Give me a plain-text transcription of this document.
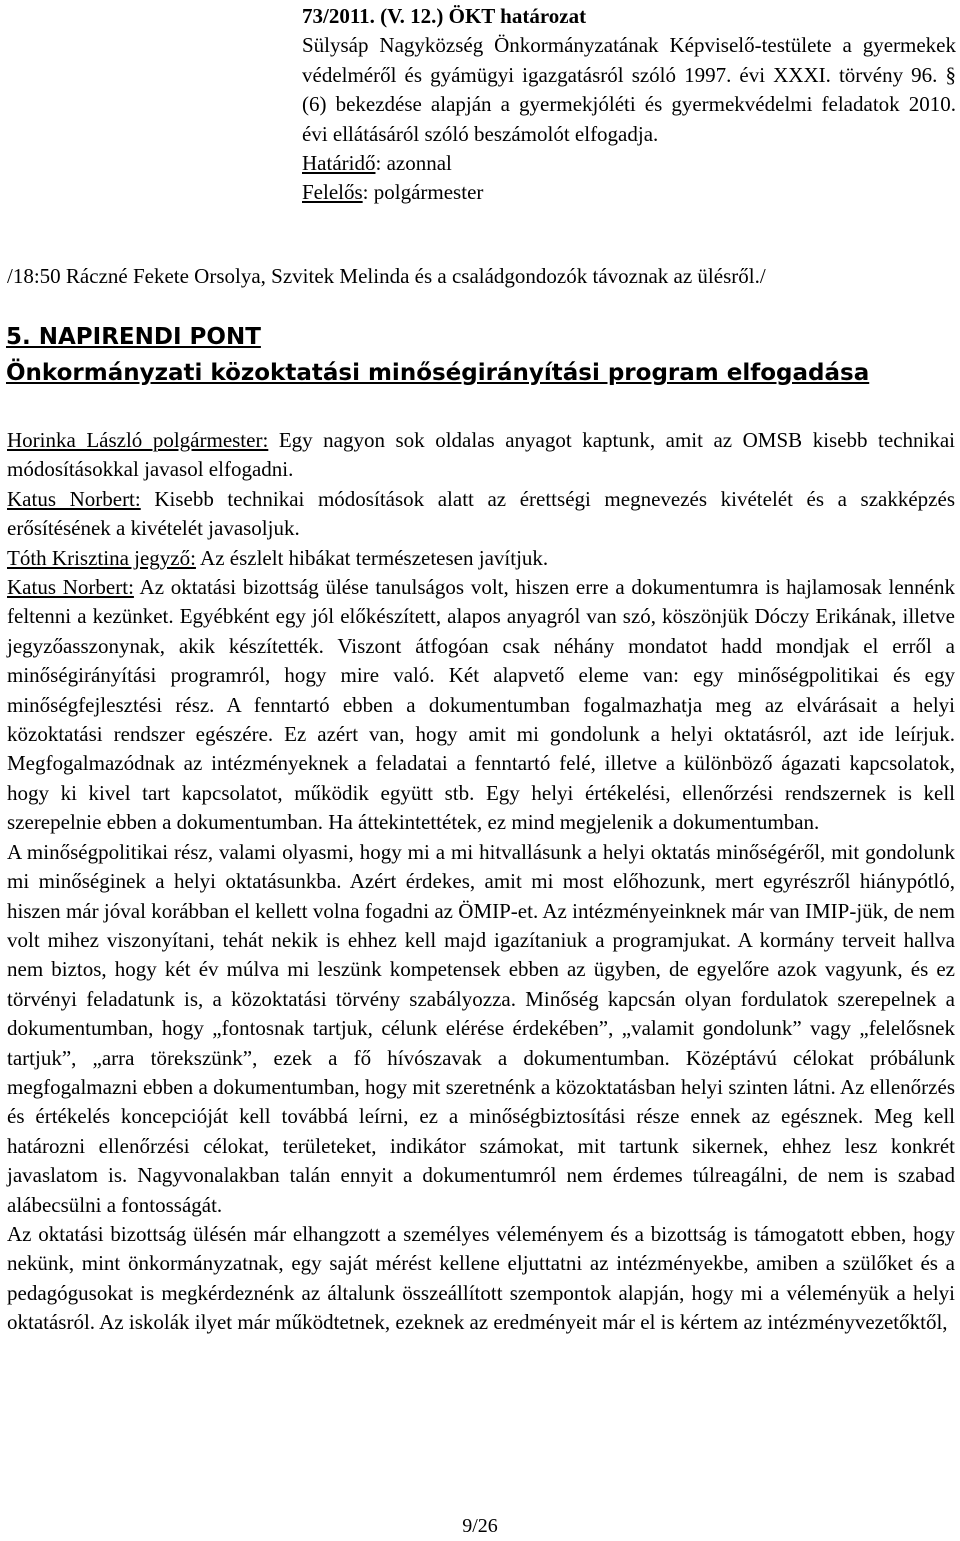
73/2011. (V. 12.) ÖKT határozat
Sülysáp Nagyközség Önkormányzatának Képviselő-testülete a gyermekek védelméről és gyámügyi igazgatásról szóló 1997. évi XXXI. törvény 96. § (6) bekezdése alapján a gyermekjóléti és gyermekvédelmi feladatok 2010. évi ellátásáról szóló beszámolót elfogadja.
Határidő: azonnal
Felelős: polgármester
/18:50 Ráczné Fekete Orsolya, Szvitek Melinda és a családgondozók távoznak az ülésről./
5. NAPIRENDI PONT
Önkormányzati közoktatási minőségirányítási program elfogadása

Horinka László polgármester: Egy nagyon sok oldalas anyagot kaptunk, amit az OMSB kisebb technikai módosításokkal javasol elfogadni.

Katus Norbert: Kisebb technikai módosítások alatt az érettségi megnevezés kivételét és a szakképzés erősítésének a kivételét javasoljuk.

Tóth Krisztina jegyző: Az észlelt hibákat természetesen javítjuk.

Katus Norbert: Az oktatási bizottság ülése tanulságos volt, hiszen erre a dokumentumra is hajlamosak lennénk feltenni a kezünket. Egyébként egy jól előkészített, alapos anyagról van szó, köszönjük Dóczy Erikának, illetve jegyzőasszonynak, akik készítették. Viszont átfogóan csak néhány mondatot hadd mondjak el erről a minőségirányítási programról, hogy mire való. Két alapvető eleme van: egy minőségpolitikai és egy minőségfejlesztési rész. A fenntartó ebben a dokumentumban fogalmazhatja meg az elvárásait a helyi közoktatási rendszer egészére. Ez azért van, hogy amit mi gondolunk a helyi oktatásról, azt ide leírjuk. Megfogalmazódnak az intézményeknek a feladatai a fenntartó felé, illetve a különböző ágazati kapcsolatok, hogy ki kivel tart kapcsolatot, működik együtt stb. Egy helyi értékelési, ellenőrzési rendszernek is kell szerepelnie ebben a dokumentumban. Ha áttekintettétek, ez mind megjelenik a dokumentumban.

A minőségpolitikai rész, valami olyasmi, hogy mi a mi hitvallásunk a helyi oktatás minőségéről, mit gondolunk mi minőséginek a helyi oktatásunkba. Azért érdekes, amit mi most előhozunk, mert egyrészről hiánypótló, hiszen már jóval korábban el kellett volna fogadni az ÖMIP-et. Az intézményeinknek már van IMIP-jük, de nem volt mihez viszonyítani, tehát nekik is ehhez kell majd igazítaniuk a programjukat. A kormány terveit hallva nem biztos, hogy két év múlva mi leszünk kompetensek ebben az ügyben, de egyelőre azok vagyunk, és ez törvényi feladatunk is, a közoktatási törvény szabályozza. Minőség kapcsán olyan fordulatok szerepelnek a dokumentumban, hogy „fontosnak tartjuk, célunk elérése érdekében”, „valamit gondolunk” vagy „felelősnek tartjuk”, „arra törekszünk”, ezek a fő hívószavak a dokumentumban. Középtávú célokat próbálunk megfogalmazni ebben a dokumentumban, hogy mit szeretnénk a közoktatásban helyi szinten látni. Az ellenőrzés és értékelés koncepcióját kell továbbá leírni, ez a minőségbiztosítási része ennek az egésznek. Meg kell határozni ellenőrzési célokat, területeket, indikátor számokat, mit tartunk sikernek, ehhez lesz konkrét javaslatom is. Nagyvonalakban talán ennyit a dokumentumról nem érdemes túlreagálni, de nem is szabad alábecsülni a fontosságát.

Az oktatási bizottság ülésén már elhangzott a személyes véleményem és a bizottság is támogatott ebben, hogy nekünk, mint önkormányzatnak, egy saját mérést kellene eljuttatni az intézményekbe, amiben a szülőket és a pedagógusokat is megkérdeznénk az általunk összeállított szempontok alapján, hogy mi a véleményük a helyi oktatásról. Az iskolák ilyet már működtetnek, ezeknek az eredményeit már el is kértem az intézményvezetőktől,

9/26
